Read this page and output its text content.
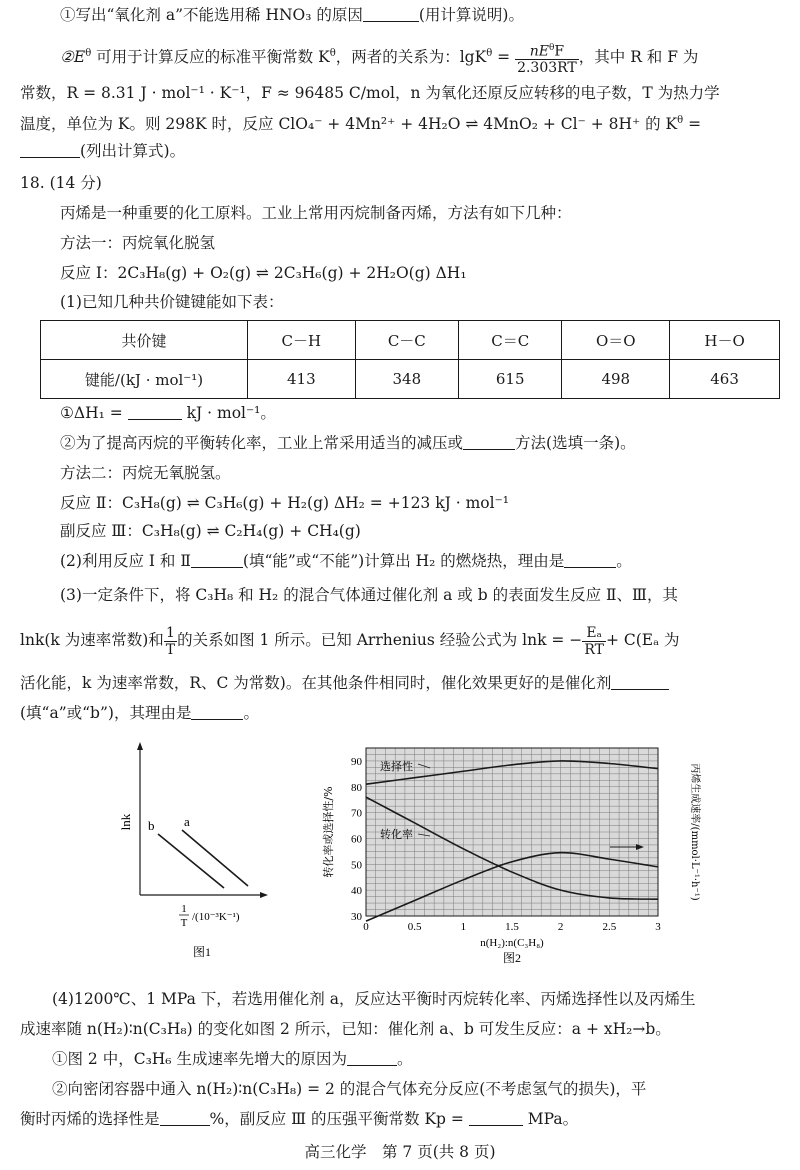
①写出“氧化剂 a”不能选用稀 HNO₃ 的原因	(用计算说明)。
$②E^\theta$ 可用于计算反应的标准平衡常数 $K^\theta$，两者的关系为：$\lg K^\theta = \frac{nE^\theta F}{2.303RT}$ ，其中 R 和 F 为
常数，R = 8.31 J · mol⁻¹ · K⁻¹，F ≈ 96485 C/mol，n 为氧化还原反应转移的电子数，T 为热力学
温度，单位为 K。则 298K 时，反应 ClO₄⁻ + 4Mn²⁺ + 4H₂O ⇌ 4MnO₂ + Cl⁻ + 8H⁺ 的 $K^\theta$ =
(列出计算式)。
18. (14 分)
丙烯是一种重要的化工原料。工业上常用丙烷制备丙烯，方法有如下几种：
方法一：丙烷氧化脱氢
反应 Ⅰ：2C₃H₈(g) + O₂(g) ⇌ 2C₃H₆(g) + 2H₂O(g) ΔH₁
(1)已知几种共价键键能如下表：
共价键	C－H	C－C	C＝C	O＝O	H－O
键能/(kJ · mol⁻¹)	413	348	615	498	463
①ΔH₁ =	kJ · mol⁻¹。
②为了提高丙烷的平衡转化率，工业上常采用适当的减压或	方法(选填一条)。
方法二：丙烷无氧脱氢。
反应 Ⅱ：C₃H₈(g) ⇌ C₃H₆(g) + H₂(g) ΔH₂ = +123 kJ · mol⁻¹
副反应 Ⅲ：C₃H₈(g) ⇌ C₂H₄(g) + CH₄(g)
(2)利用反应 Ⅰ 和 Ⅱ	(填“能”或“不能”)计算出 H₂ 的燃烧热，理由是	。
(3)一定条件下，将 C₃H₈ 和 H₂ 的混合气体通过催化剂 a 或 b 的表面发生反应 Ⅱ、Ⅲ，其
lnk(k 为速率常数)和 $\frac{1}{T}$ 的关系如图 1 所示。已知 Arrhenius 经验公式为 lnk = − $\frac{\text{Eₐ}}{RT} + C(E_a$ 为
活化能，k 为速率常数，R、C 为常数)。在其他条件相同时，催化效果更好的是催化剂
(填“a”或“b”)，其理由是	。
b a
lnk
1
T /(10⁻³K⁻¹)
图1
30
40
50
60
70
80
90
0	0.5	1	1.5	2	2.5	3
选择性
转化率
转化率或选择性/%	丙烯生成速率/(mmol·L⁻¹·h⁻¹)
n(H₂):n(C₃H₈)
图2
(4)1200℃、1 MPa 下，若选用催化剂 a，反应达平衡时丙烷转化率、丙烯选择性以及丙烯生
成速率随 n(H₂)∶n(C₃H₈) 的变化如图 2 所示，已知：催化剂 a、b 可发生反应：a + xH₂→b。
①图 2 中，C₃H₆ 生成速率先增大的原因为	。
②向密闭容器中通入 n(H₂)∶n(C₃H₈) = 2 的混合气体充分反应(不考虑氢气的损失)，平
衡时丙烯的选择性是	%，副反应 Ⅲ 的压强平衡常数 Kp =	MPa。
高三化学　第 7 页(共 8 页)
